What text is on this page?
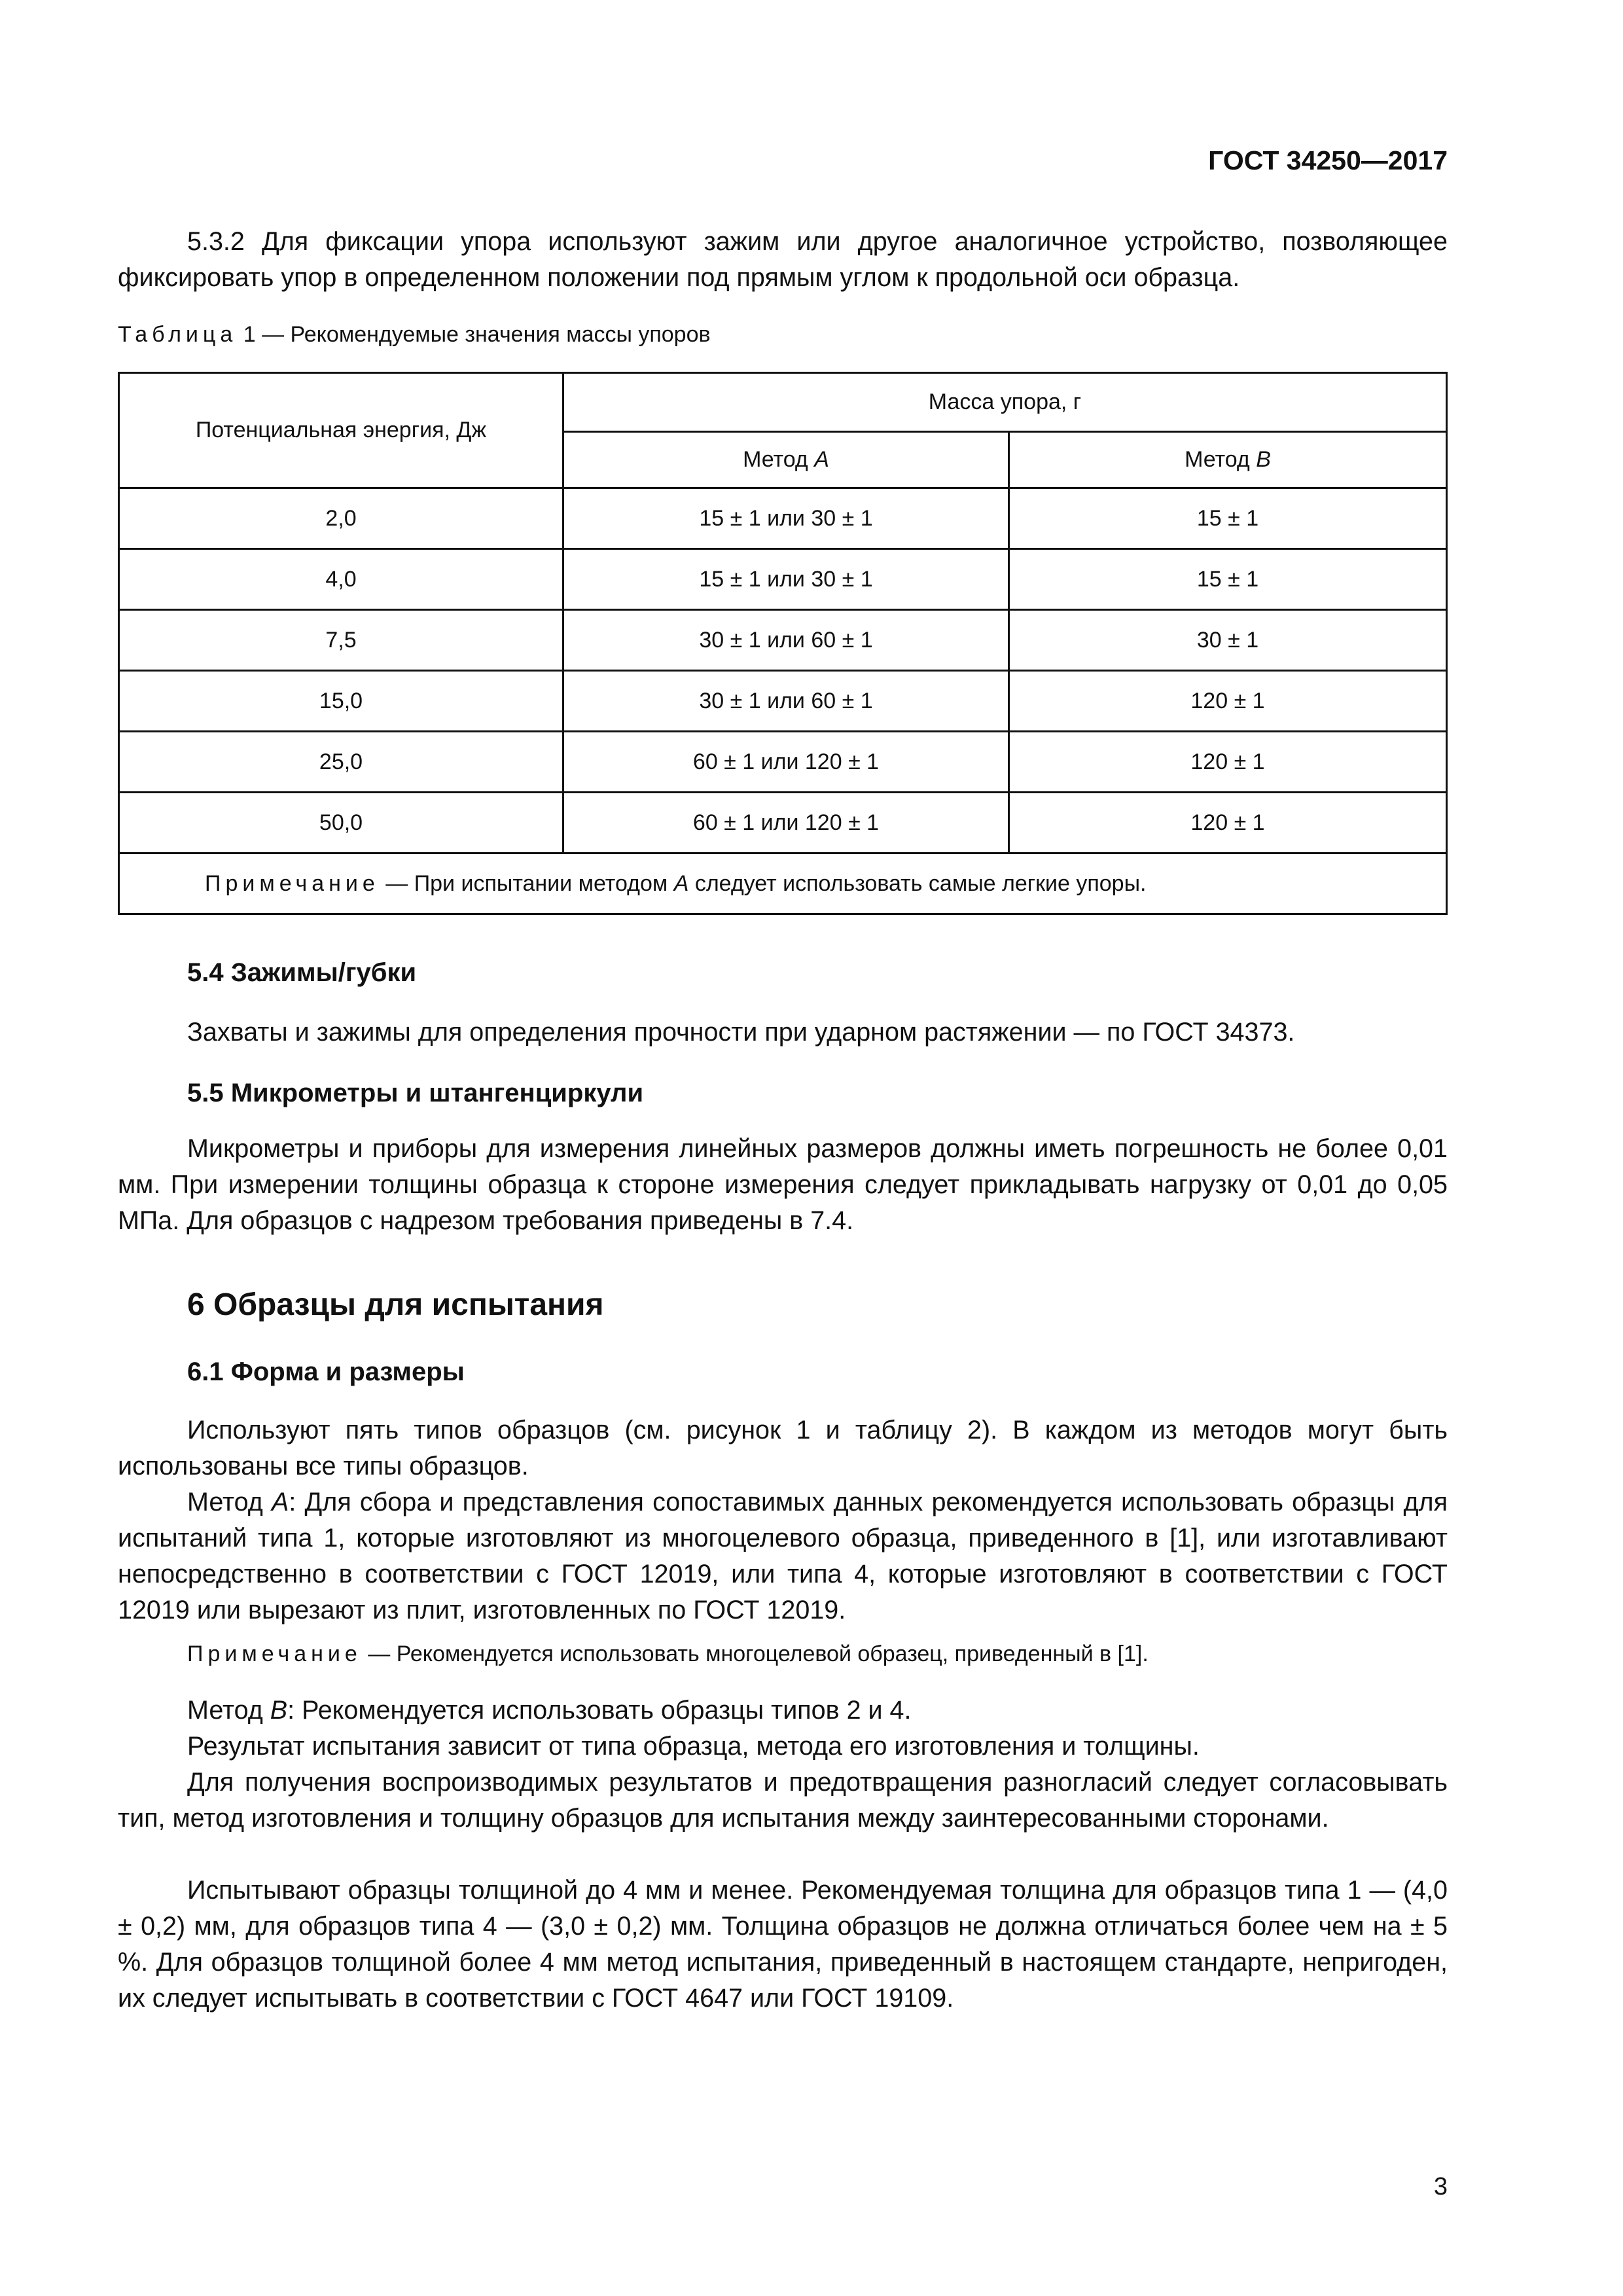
ГОСТ 34250—2017
5.3.2 Для фиксации упора используют зажим или другое аналогичное устройство, позволяющее фиксировать упор в определенном положении под прямым углом к продольной оси образца.
Таблица 1 — Рекомендуемые значения массы упоров
Потенциальная энергия, Дж	Масса упора, г	
	Метод A	Метод B
2,0	15 ± 1 или 30 ± 1	15 ± 1
4,0	15 ± 1 или 30 ± 1	15 ± 1
7,5	30 ± 1 или 60 ± 1	30 ± 1
15,0	30 ± 1 или 60 ± 1	120 ± 1
25,0	60 ± 1 или 120 ± 1	120 ± 1
50,0	60 ± 1 или 120 ± 1	120 ± 1
Примечание — При испытании методом A следует использовать самые легкие упоры.		
5.4 Зажимы/губки
Захваты и зажимы для определения прочности при ударном растяжении — по ГОСТ 34373.
5.5 Микрометры и штангенциркули
Микрометры и приборы для измерения линейных размеров должны иметь погрешность не более 0,01 мм. При измерении толщины образца к стороне измерения следует прикладывать нагрузку от 0,01 до 0,05 МПа. Для образцов с надрезом требования приведены в 7.4.
6 Образцы для испытания
6.1 Форма и размеры
Используют пять типов образцов (см. рисунок 1 и таблицу 2). В каждом из методов могут быть использованы все типы образцов.
Метод A: Для сбора и представления сопоставимых данных рекомендуется использовать образцы для испытаний типа 1, которые изготовляют из многоцелевого образца, приведенного в [1], или изготавливают непосредственно в соответствии с ГОСТ 12019, или типа 4, которые изготовляют в соответствии с ГОСТ 12019 или вырезают из плит, изготовленных по ГОСТ 12019.
Примечание — Рекомендуется использовать многоцелевой образец, приведенный в [1].
Метод B: Рекомендуется использовать образцы типов 2 и 4.
Результат испытания зависит от типа образца, метода его изготовления и толщины.
Для получения воспроизводимых результатов и предотвращения разногласий следует согласовывать тип, метод изготовления и толщину образцов для испытания между заинтересованными сторонами.
Испытывают образцы толщиной до 4 мм и менее. Рекомендуемая толщина для образцов типа 1 — (4,0 ± 0,2) мм, для образцов типа 4 — (3,0 ± 0,2) мм. Толщина образцов не должна отличаться более чем на ± 5 %. Для образцов толщиной более 4 мм метод испытания, приведенный в настоящем стандарте, непригоден, их следует испытывать в соответствии с ГОСТ 4647 или ГОСТ 19109.
3
